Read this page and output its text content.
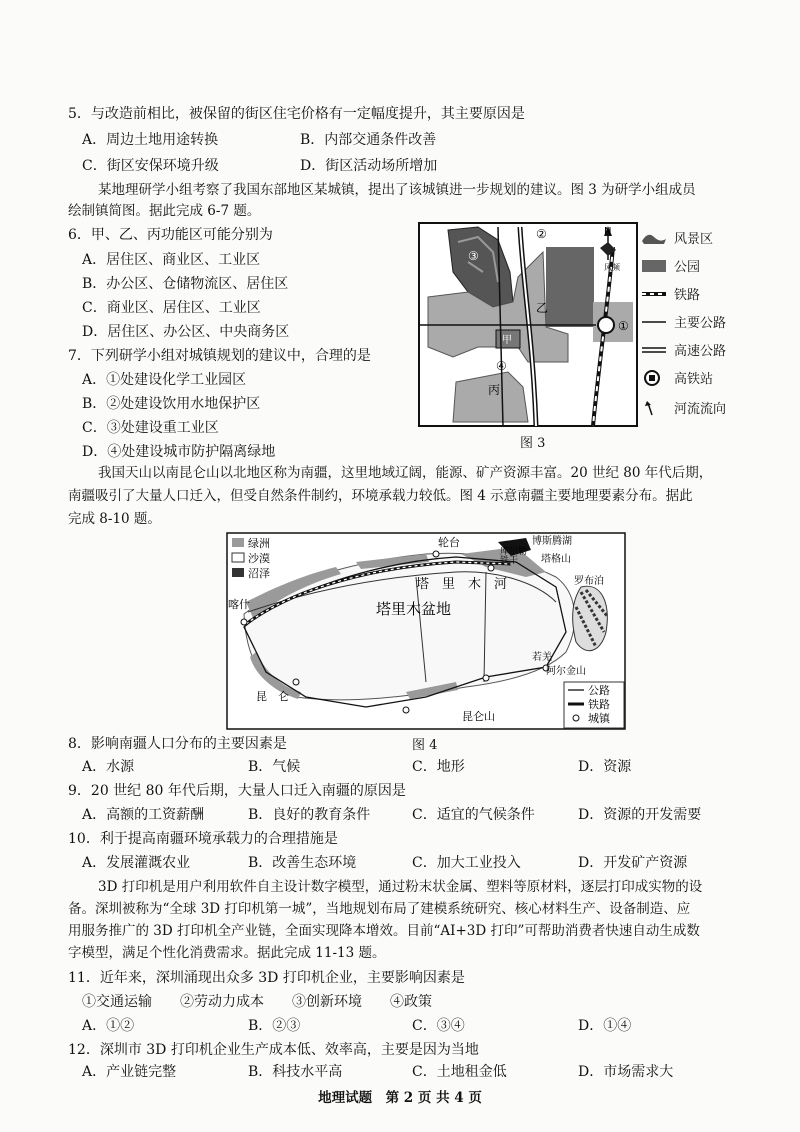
5．与改造前相比，被保留的街区住宅价格有一定幅度提升，其主要原因是
A．周边土地用途转换	B．内部交通条件改善
C．街区安保环境升级	D．街区活动场所增加
某地理研学小组考察了我国东部地区某城镇，提出了该城镇进一步规划的建议。图 3 为研学小组成员
绘制镇简图。据此完成 6-7 题。
6．甲、乙、丙功能区可能分别为
A．居住区、商业区、工业区
B．办公区、仓储物流区、居住区
C．商业区、居住区、工业区
D．居住区、办公区、中央商务区
7．下列研学小组对城镇规划的建议中，合理的是
A．①处建设化学工业园区
B．②处建设饮用水地保护区
C．③处建设重工业区
D．④处建设城市防护隔离绿地
N
风频
①
②
③
④
甲
乙
丙
风景区
公园
铁路
主要公路
高速公路
高铁站
河流流向
图 3
我国天山以南昆仑山以北地区称为南疆，这里地域辽阔，能源、矿产资源丰富。20 世纪 80 年代后期，
南疆吸引了大量人口迁入，但受自然条件制约，环境承载力较低。图 4 示意南疆主要地理要素分布。据此
完成 8-10 题。
绿洲
沙漠
沼泽
公路
铁路
城镇
轮台	博斯腾湖
库尔勒
铁干 塔格山
喀什
塔　里　木　河
塔里木盆地
罗布泊
若羌
阿尔金山
昆　仑
昆仑山
图 4
8．影响南疆人口分布的主要因素是
A．水源	B．气候	C．地形	D．资源
9．20 世纪 80 年代后期，大量人口迁入南疆的原因是
A．高额的工资薪酬	B．良好的教育条件	C．适宜的气候条件	D．资源的开发需要
10．利于提高南疆环境承载力的合理措施是
A．发展灌溉农业	B．改善生态环境	C．加大工业投入	D．开发矿产资源
3D 打印机是用户利用软件自主设计数字模型，通过粉末状金属、塑料等原材料，逐层打印成实物的设
备。深圳被称为“全球 3D 打印机第一城”，当地规划布局了建模系统研究、核心材料生产、设备制造、应
用服务推广的 3D 打印机全产业链，全面实现降本增效。目前“AI+3D 打印”可帮助消费者快速自动生成数
字模型，满足个性化消费需求。据此完成 11-13 题。
11．近年来，深圳涌现出众多 3D 打印机企业，主要影响因素是
①交通运输　　②劳动力成本　　③创新环境　　④政策
A．①②	B．②③	C．③④	D．①④
12．深圳市 3D 打印机企业生产成本低、效率高，主要是因为当地
A．产业链完整	B．科技水平高	C．土地租金低	D．市场需求大
地理试题　第 2 页 共 4 页
